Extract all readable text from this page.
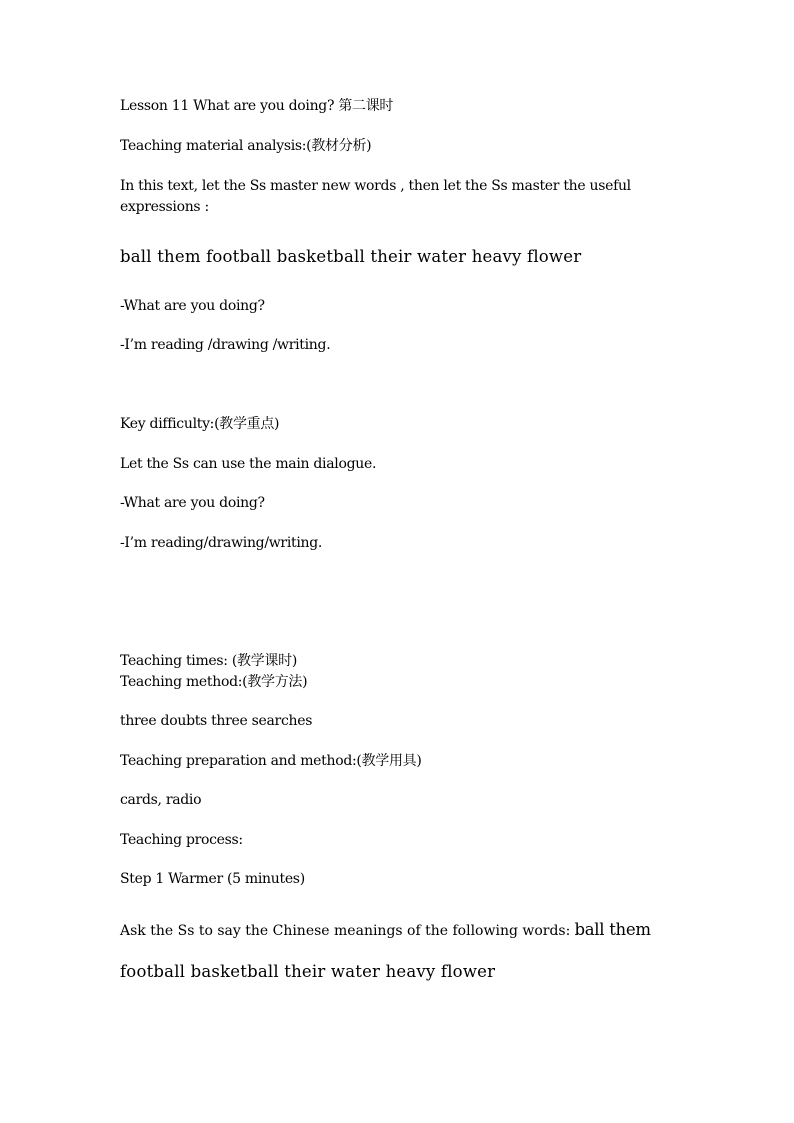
Lesson 11 What are you doing? 第二课时
Teaching material analysis:(教材分析)
In this text, let the Ss master new words , then let the Ss master the useful expressions :
ball them football basketball their water heavy flower
-What are you doing?
-I’m reading /drawing /writing.
Key difficulty:(教学重点)
Let the Ss can use the main dialogue.
-What are you doing?
-I’m reading/drawing/writing.
Teaching times: (教学课时)
Teaching method:(教学方法)
three doubts three searches
Teaching preparation and method:(教学用具)
cards, radio
Teaching process:
Step 1 Warmer (5 minutes)
Ask the Ss to say the Chinese meanings of the following words: ball them
football basketball their water heavy flower
